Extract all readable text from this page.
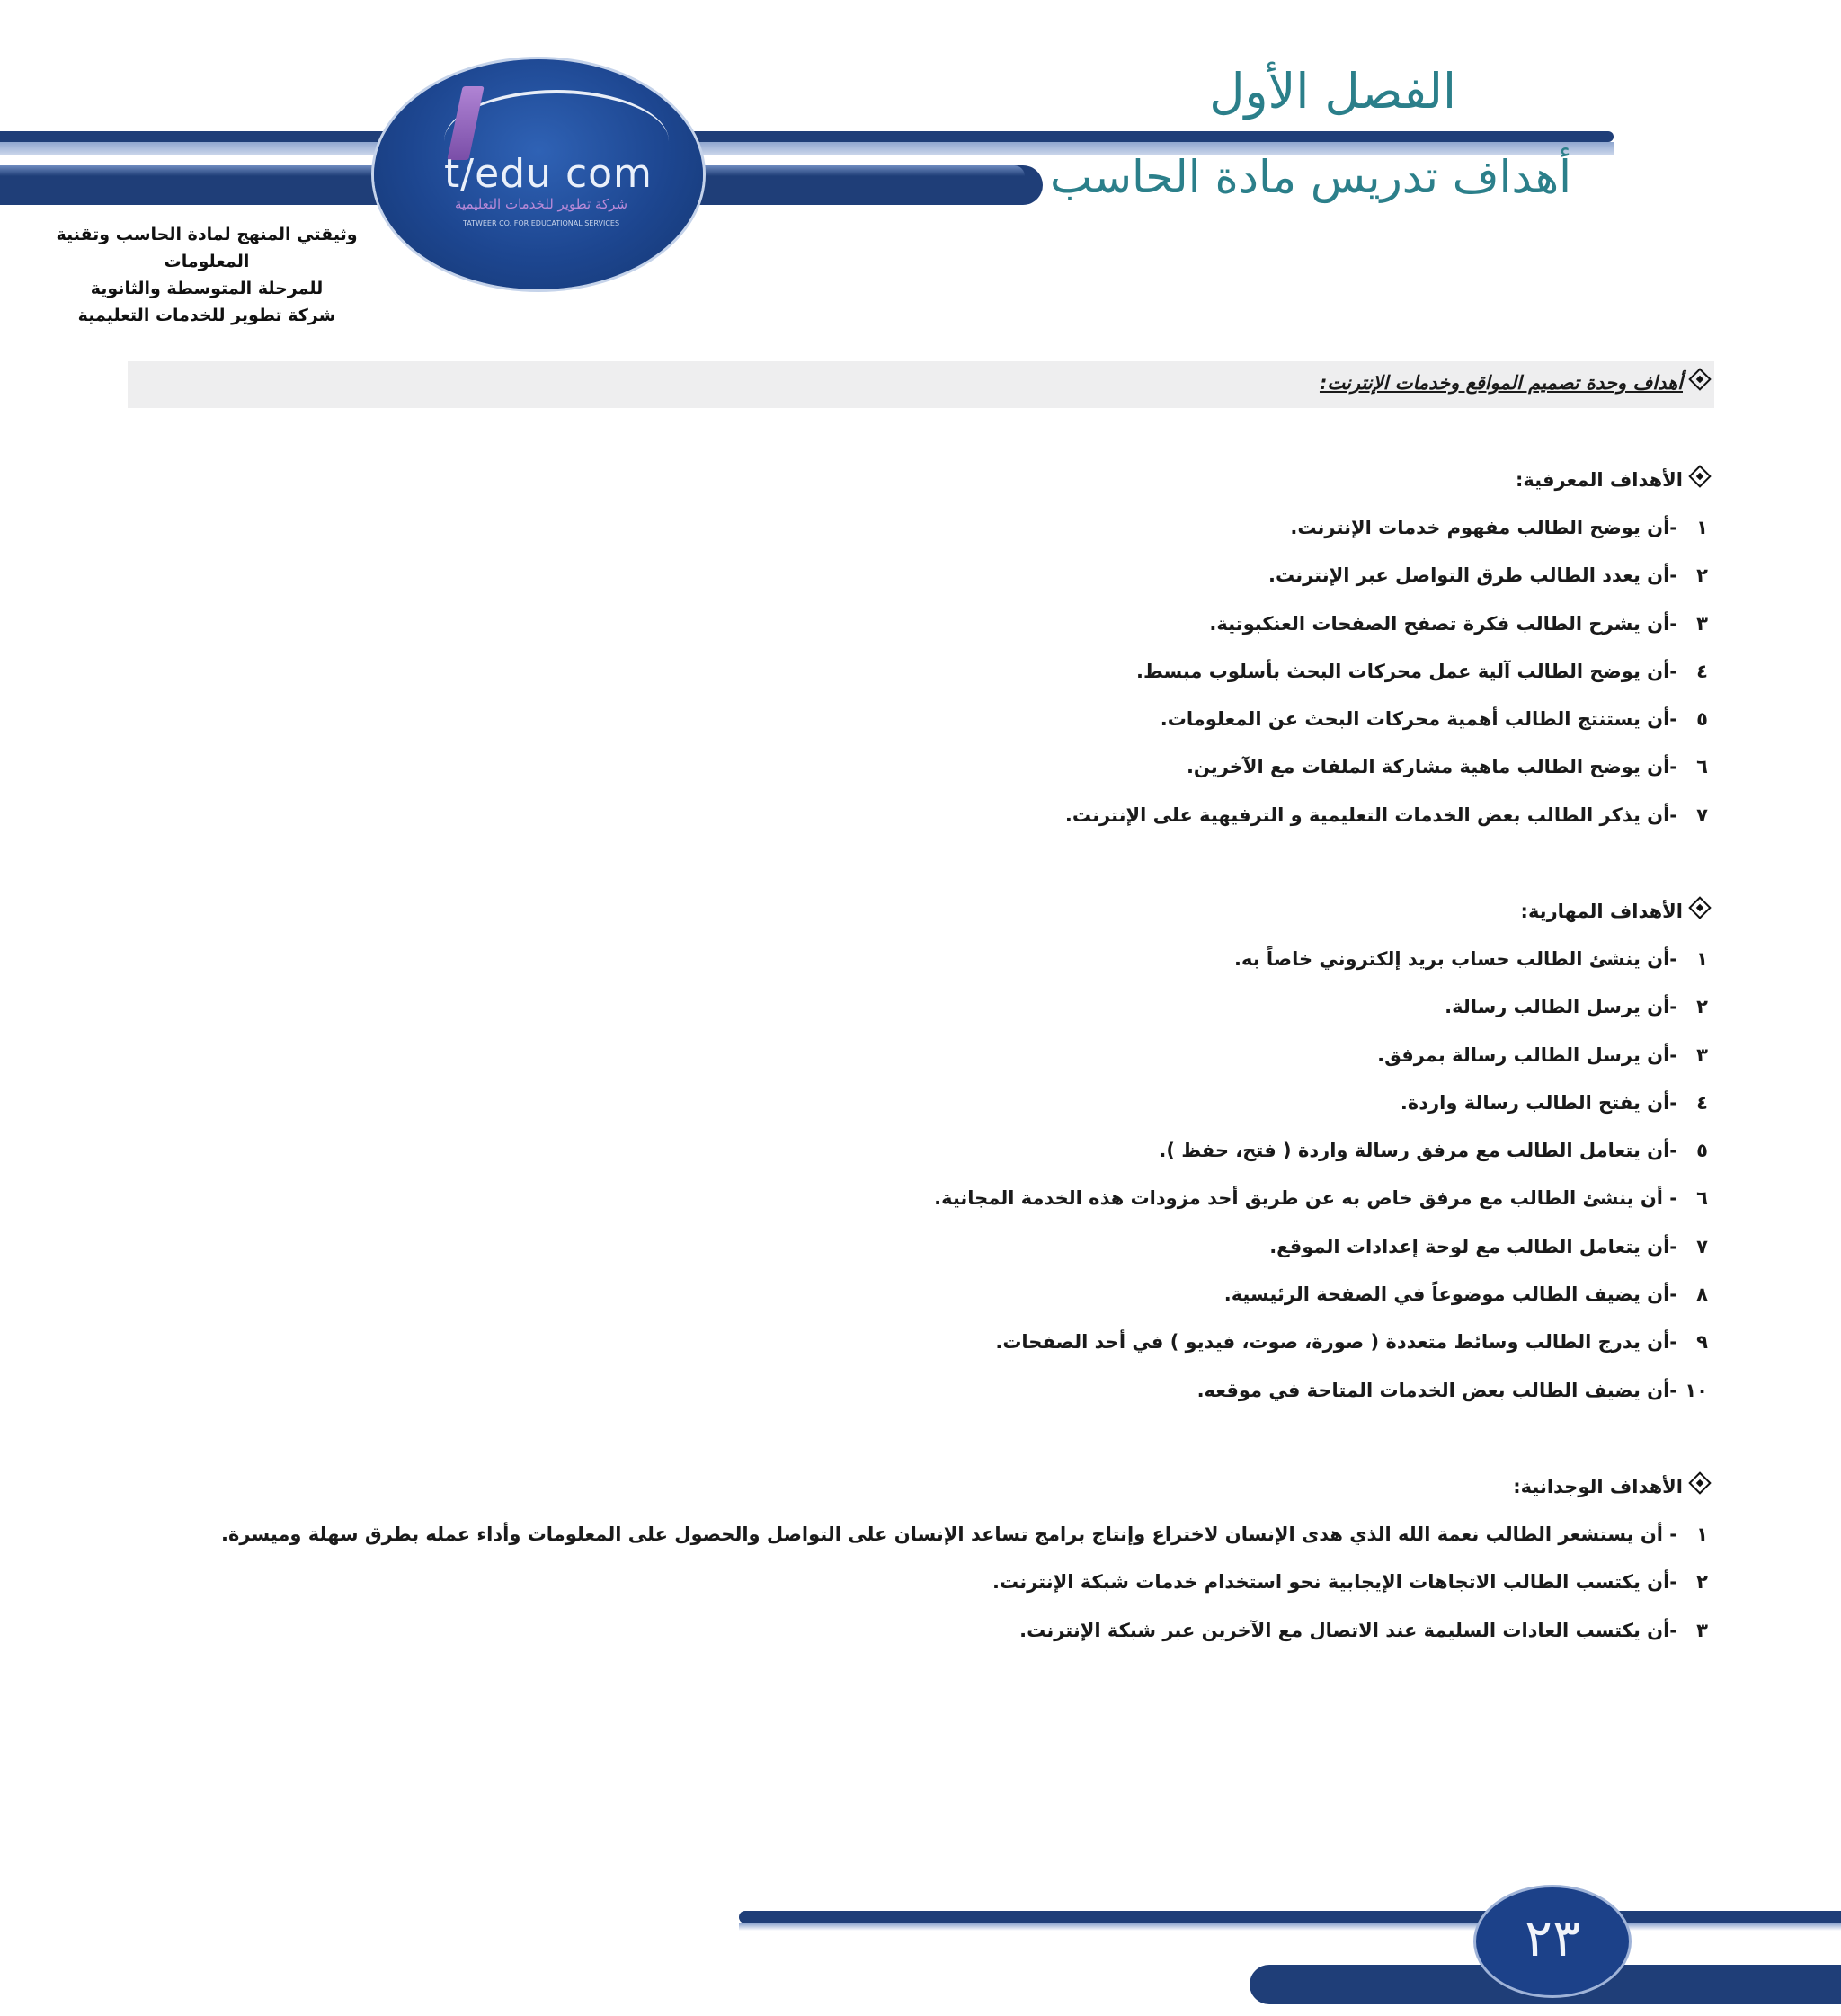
t/edu com
شركة تطوير للخدمات التعليمية
TATWEER CO. FOR EDUCATIONAL SERVICES
الفصل الأول
أهداف تدريس مادة الحاسب
وثيقتي المنهج لمادة الحاسب وتقنية المعلومات
للمرحلة المتوسطة والثانوية
شركة تطوير للخدمات التعليمية
أهداف وحدة تصميم المواقع وخدمات الإنترنت:
الأهداف المعرفية:
١
-أن يوضح الطالب مفهوم خدمات الإنترنت.
٢
-أن يعدد الطالب طرق التواصل عبر الإنترنت.
٣
-أن يشرح الطالب فكرة تصفح الصفحات العنكبوتية.
٤
-أن يوضح الطالب آلية عمل محركات البحث بأسلوب مبسط.
٥
-أن يستنتج الطالب أهمية محركات البحث عن المعلومات.
٦
-أن يوضح الطالب ماهية مشاركة الملفات مع الآخرين.
٧
-أن يذكر الطالب بعض الخدمات التعليمية و الترفيهية على الإنترنت.
الأهداف المهارية:
١
-أن ينشئ الطالب حساب بريد إلكتروني خاصاً به.
٢
-أن يرسل الطالب رسالة.
٣
-أن يرسل الطالب رسالة بمرفق.
٤
-أن يفتح الطالب رسالة واردة.
٥
-أن يتعامل الطالب مع مرفق رسالة واردة ( فتح، حفظ ).
٦
- أن ينشئ الطالب مع مرفق خاص به عن طريق أحد مزودات هذه الخدمة المجانية.
٧
-أن يتعامل الطالب مع لوحة إعدادات الموقع.
٨
-أن يضيف الطالب موضوعاً في الصفحة الرئيسية.
٩
-أن يدرج الطالب وسائط متعددة ( صورة، صوت، فيديو ) في أحد الصفحات.
١٠
-أن يضيف الطالب بعض الخدمات المتاحة في موقعه.
الأهداف الوجدانية:
١
- أن يستشعر الطالب نعمة الله الذي هدى الإنسان لاختراع وإنتاج برامج تساعد الإنسان على التواصل والحصول على المعلومات وأداء عمله بطرق سهلة وميسرة.
٢
-أن يكتسب الطالب الاتجاهات الإيجابية نحو استخدام خدمات شبكة الإنترنت.
٣
-أن يكتسب العادات السليمة عند الاتصال مع الآخرين عبر شبكة الإنترنت.
٢٣
